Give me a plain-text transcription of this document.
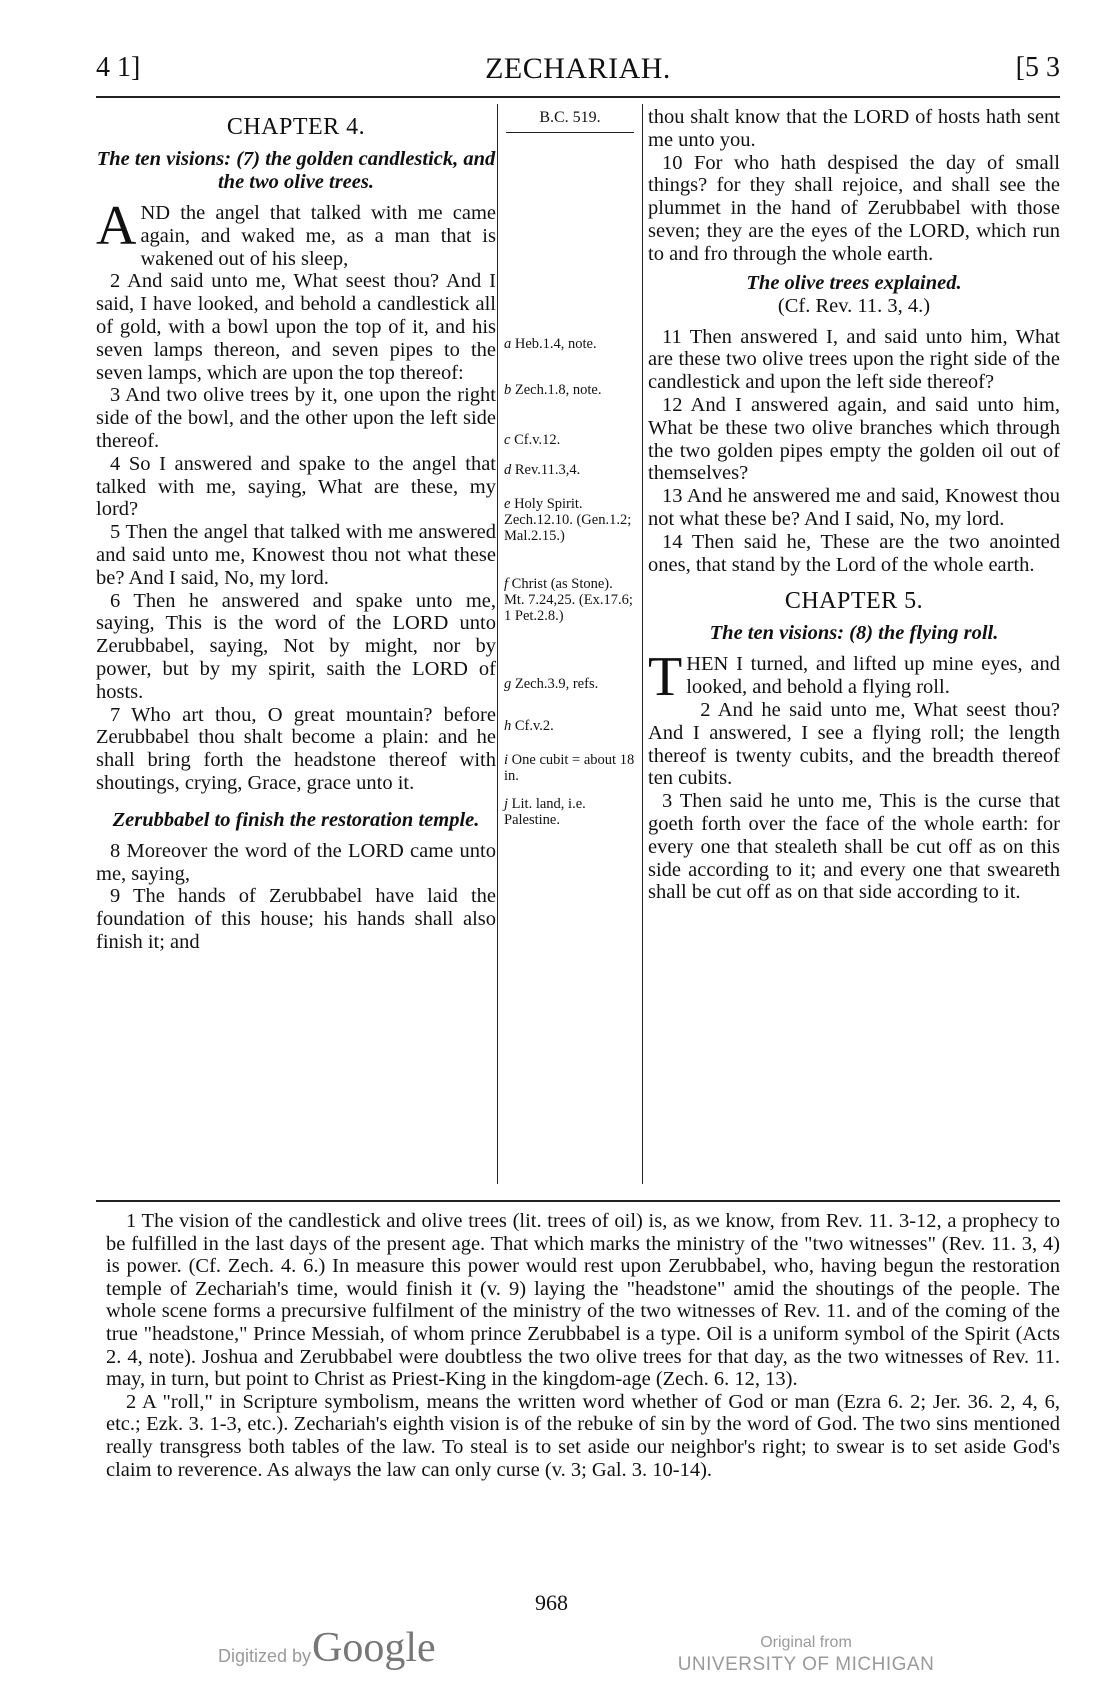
4 1]	ZECHARIAH.	[5 3
CHAPTER 4.
The ten visions: (7) the golden candlestick, and the two olive trees.

AND the angel that talked with me came again, and waked me, as a man that is wakened out of his sleep,

2 And said unto me, What seest thou? And I said, I have looked, and behold a candlestick all of gold, with a bowl upon the top of it, and his seven lamps thereon, and seven pipes to the seven lamps, which are upon the top thereof:

3 And two olive trees by it, one upon the right side of the bowl, and the other upon the left side thereof.

4 So I answered and spake to the angel that talked with me, saying, What are these, my lord?

5 Then the angel that talked with me answered and said unto me, Knowest thou not what these be? And I said, No, my lord.

6 Then he answered and spake unto me, saying, This is the word of the LORD unto Zerubbabel, saying, Not by might, nor by power, but by my spirit, saith the LORD of hosts.

7 Who art thou, O great mountain? before Zerubbabel thou shalt become a plain: and he shall bring forth the headstone thereof with shoutings, crying, Grace, grace unto it.

Zerubbabel to finish the restoration temple.

8 Moreover the word of the LORD came unto me, saying,

9 The hands of Zerubbabel have laid the foundation of this house; his hands shall also finish it; and

B.C. 519.
a Heb.1.4, note.
b Zech.1.8, note.
c Cf.v.12.
d Rev.11.3,4.
e Holy Spirit. Zech.12.10. (Gen.1.2; Mal.2.15.)
f Christ (as Stone). Mt. 7.24,25. (Ex.17.6; 1 Pet.2.8.)
g Zech.3.9, refs.
h Cf.v.2.
i One cubit = about 18 in.
j Lit. land, i.e. Palestine.

thou shalt know that the LORD of hosts hath sent me unto you.

10 For who hath despised the day of small things? for they shall rejoice, and shall see the plummet in the hand of Zerubbabel with those seven; they are the eyes of the LORD, which run to and fro through the whole earth.

The olive trees explained.
(Cf. Rev. 11. 3, 4.)

11 Then answered I, and said unto him, What are these two olive trees upon the right side of the candlestick and upon the left side thereof?

12 And I answered again, and said unto him, What be these two olive branches which through the two golden pipes empty the golden oil out of themselves?

13 And he answered me and said, Knowest thou not what these be? And I said, No, my lord.

14 Then said he, These are the two anointed ones, that stand by the Lord of the whole earth.

CHAPTER 5.
The ten visions: (8) the flying roll.

THEN I turned, and lifted up mine eyes, and looked, and behold a flying roll.

2 And he said unto me, What seest thou? And I answered, I see a flying roll; the length thereof is twenty cubits, and the breadth thereof ten cubits.

3 Then said he unto me, This is the curse that goeth forth over the face of the whole earth: for every one that stealeth shall be cut off as on this side according to it; and every one that sweareth shall be cut off as on that side according to it.

1 The vision of the candlestick and olive trees (lit. trees of oil) is, as we know, from Rev. 11. 3-12, a prophecy to be fulfilled in the last days of the present age. That which marks the ministry of the "two witnesses" (Rev. 11. 3, 4) is power. (Cf. Zech. 4. 6.) In measure this power would rest upon Zerubbabel, who, having begun the restoration temple of Zechariah's time, would finish it (v. 9) laying the "headstone" amid the shoutings of the people. The whole scene forms a precursive fulfilment of the ministry of the two witnesses of Rev. 11. and of the coming of the true "headstone," Prince Messiah, of whom prince Zerubbabel is a type. Oil is a uniform symbol of the Spirit (Acts 2. 4, note). Joshua and Zerubbabel were doubtless the two olive trees for that day, as the two witnesses of Rev. 11. may, in turn, but point to Christ as Priest-King in the kingdom-age (Zech. 6. 12, 13).

2 A "roll," in Scripture symbolism, means the written word whether of God or man (Ezra 6. 2; Jer. 36. 2, 4, 6, etc.; Ezk. 3. 1-3, etc.). Zechariah's eighth vision is of the rebuke of sin by the word of God. The two sins mentioned really transgress both tables of the law. To steal is to set aside our neighbor's right; to swear is to set aside God's claim to reverence. As always the law can only curse (v. 3; Gal. 3. 10-14).

968
Digitized by Google	Original from
UNIVERSITY OF MICHIGAN
